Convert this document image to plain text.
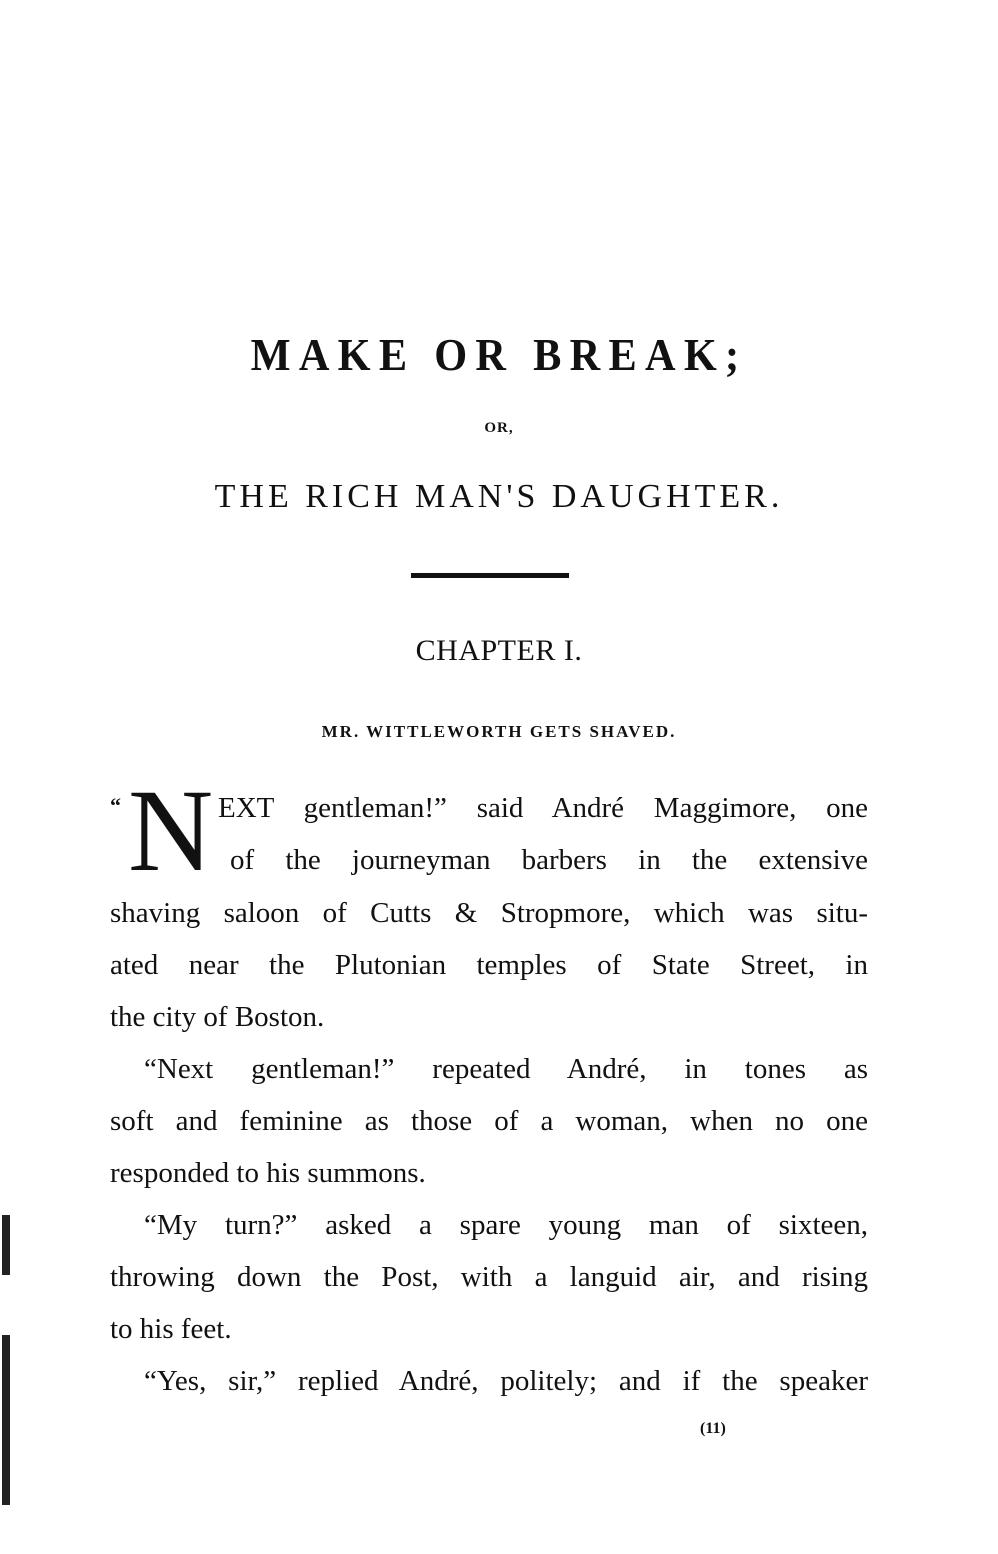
MAKE OR BREAK;
OR,
THE RICH MAN'S DAUGHTER.
CHAPTER I.
MR. WITTLEWORTH GETS SHAVED.
“ N EXT gentleman!” said André Maggimore, one
of the journeyman barbers in the extensive
shaving saloon of Cutts & Stropmore, which was situ-
ated near the Plutonian temples of State Street, in
the city of Boston.
“Next gentleman!” repeated André, in tones as
soft and feminine as those of a woman, when no one
responded to his summons.
“My turn?” asked a spare young man of sixteen,
throwing down the Post, with a languid air, and rising
to his feet.
“Yes, sir,” replied André, politely; and if the speaker
(11)
